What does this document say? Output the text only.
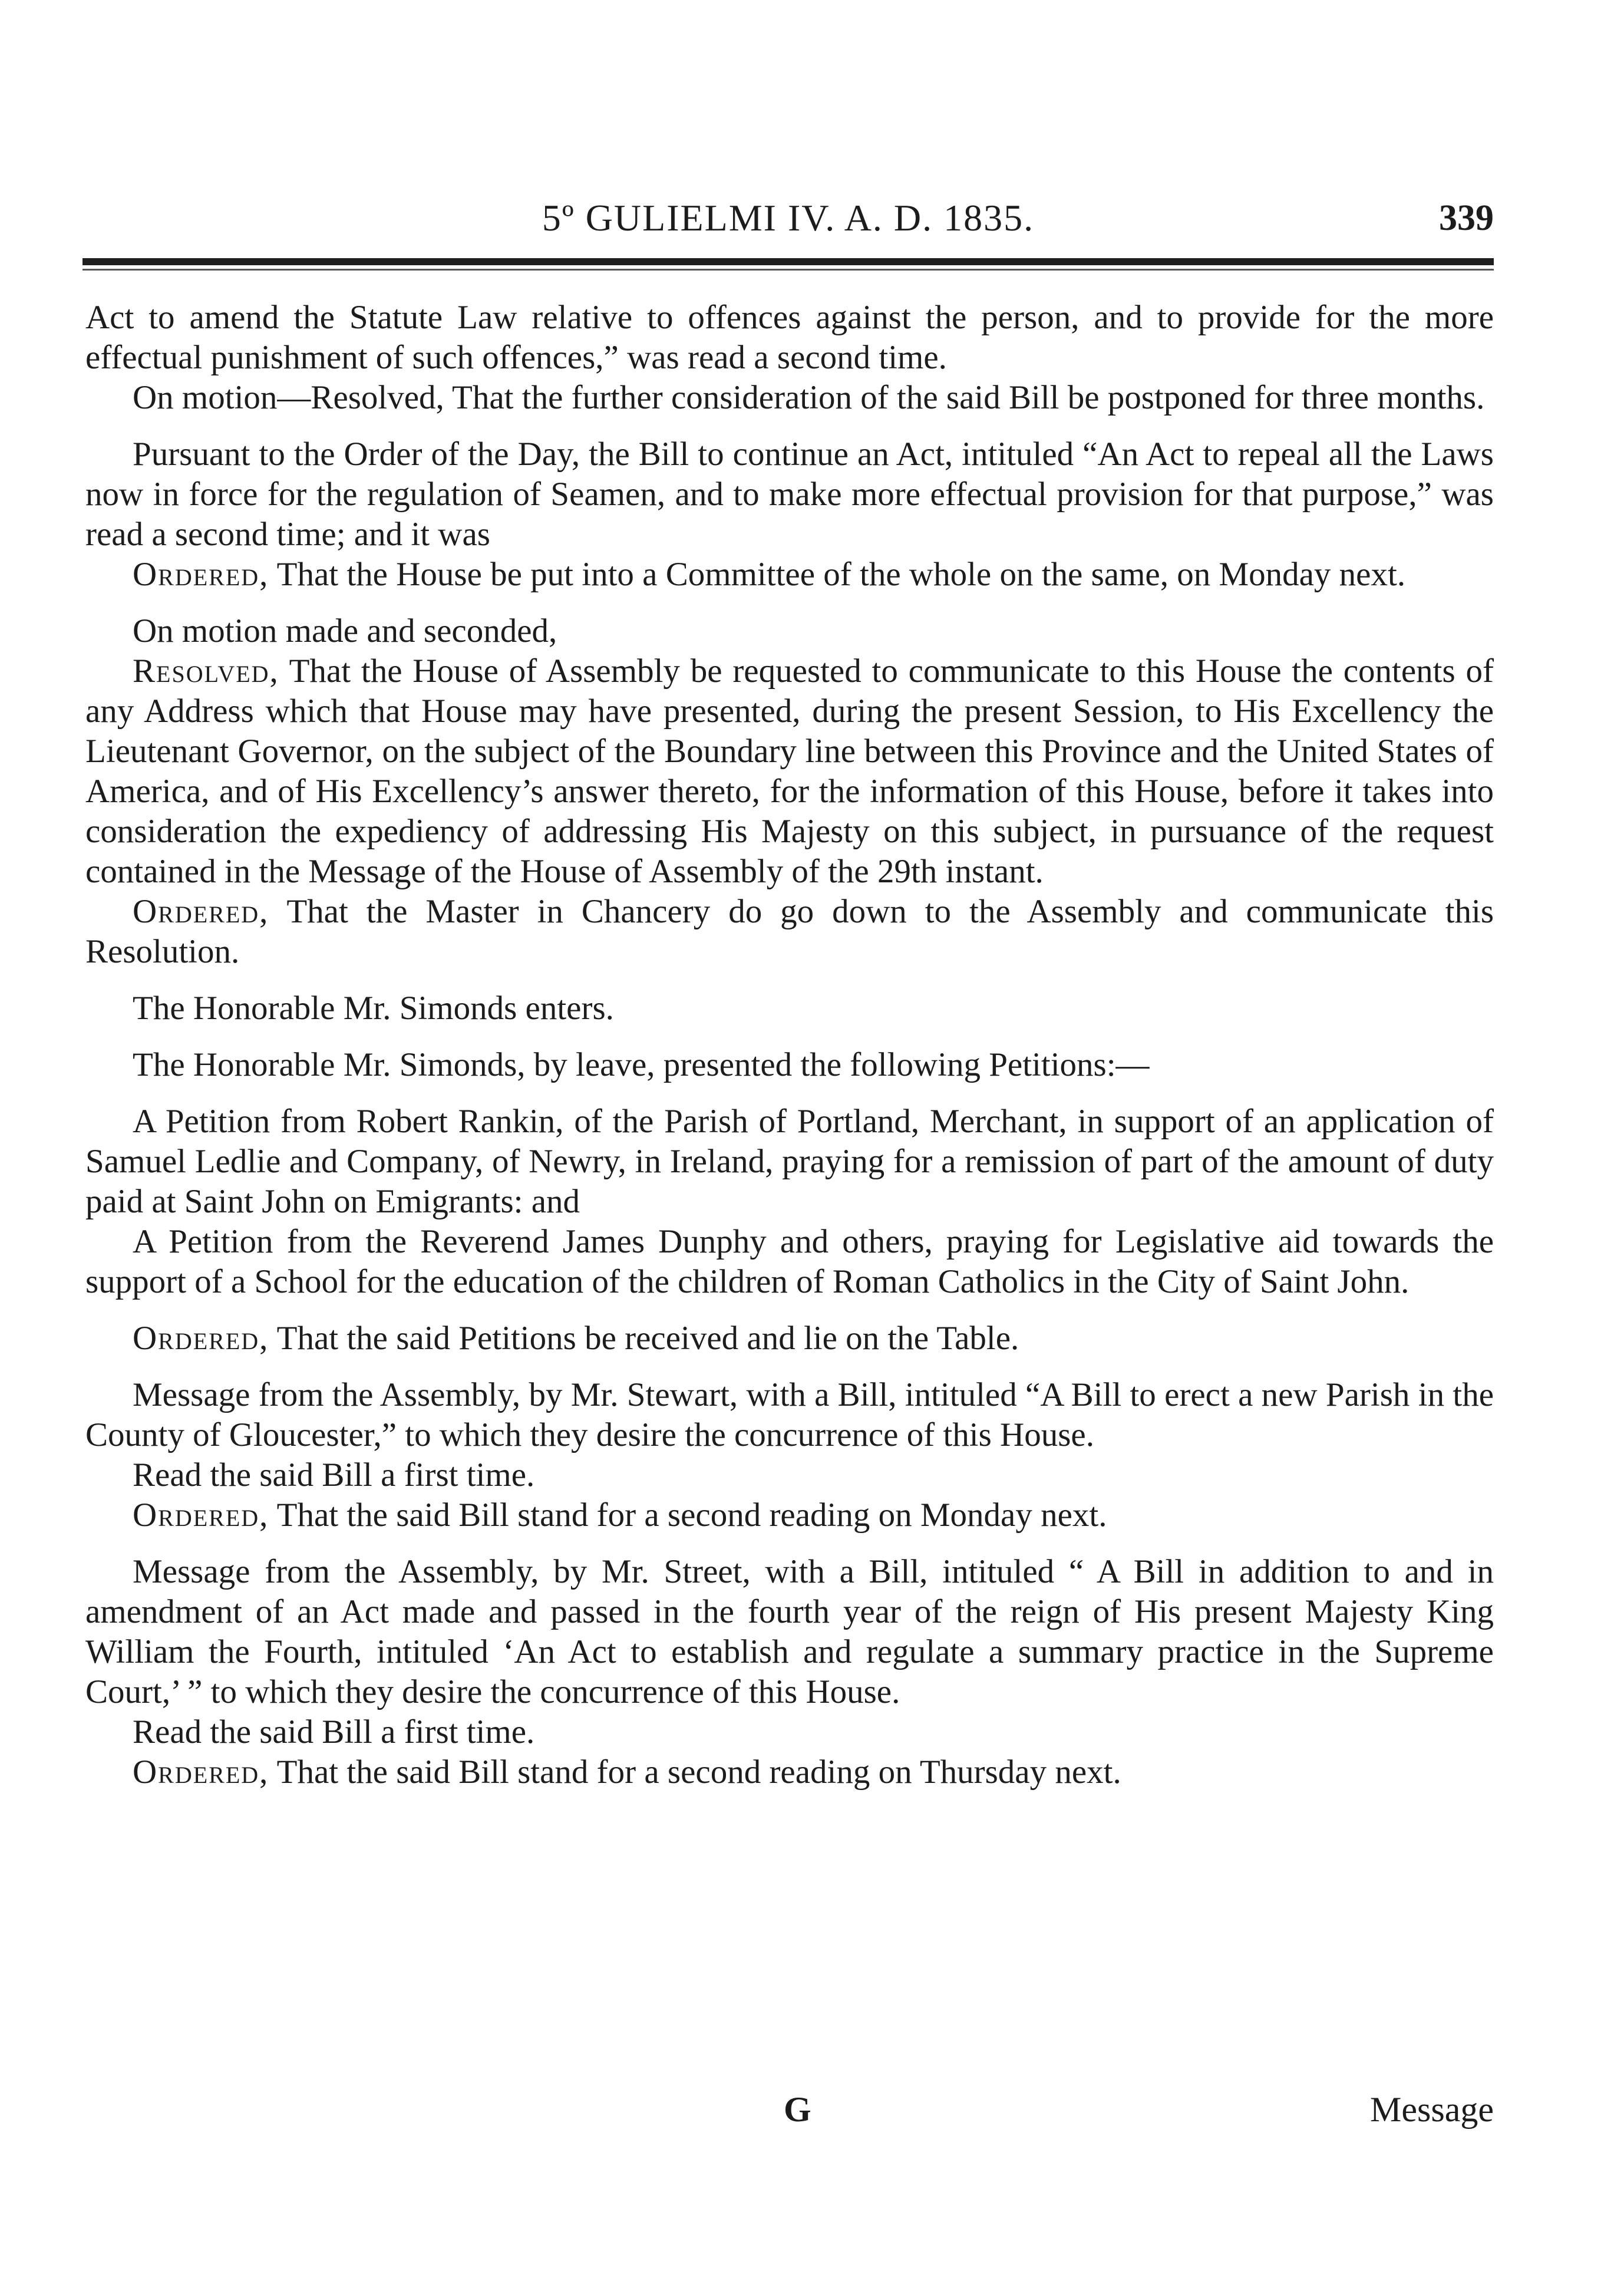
5º GULIELMI IV. A. D. 1835.	339

Act to amend the Statute Law relative to offences against the person, and to provide for the more effectual punishment of such offences,” was read a second time.

On motion—Resolved, That the further consideration of the said Bill be postponed for three months.

Pursuant to the Order of the Day, the Bill to continue an Act, intituled “An Act to repeal all the Laws now in force for the regulation of Seamen, and to make more effectual provision for that purpose,” was read a second time; and it was

Ordered, That the House be put into a Committee of the whole on the same, on Monday next.

On motion made and seconded,

Resolved, That the House of Assembly be requested to communicate to this House the contents of any Address which that House may have presented, during the present Session, to His Excellency the Lieutenant Governor, on the subject of the Boundary line between this Province and the United States of America, and of His Excellency’s answer thereto, for the information of this House, before it takes into consideration the expediency of addressing His Majesty on this subject, in pursuance of the request contained in the Message of the House of Assembly of the 29th instant.

Ordered, That the Master in Chancery do go down to the Assembly and communicate this Resolution.

The Honorable Mr. Simonds enters.

The Honorable Mr. Simonds, by leave, presented the following Petitions:—

A Petition from Robert Rankin, of the Parish of Portland, Merchant, in support of an application of Samuel Ledlie and Company, of Newry, in Ireland, praying for a remission of part of the amount of duty paid at Saint John on Emigrants: and

A Petition from the Reverend James Dunphy and others, praying for Legislative aid towards the support of a School for the education of the children of Roman Catholics in the City of Saint John.

Ordered, That the said Petitions be received and lie on the Table.

Message from the Assembly, by Mr. Stewart, with a Bill, intituled “A Bill to erect a new Parish in the County of Gloucester,” to which they desire the concurrence of this House.

Read the said Bill a first time.

Ordered, That the said Bill stand for a second reading on Monday next.

Message from the Assembly, by Mr. Street, with a Bill, intituled “ A Bill in addition to and in amendment of an Act made and passed in the fourth year of the reign of His present Majesty King William the Fourth, intituled ‘An Act to establish and regulate a summary practice in the Supreme Court,’ ” to which they desire the concurrence of this House.

Read the said Bill a first time.

Ordered, That the said Bill stand for a second reading on Thursday next.

G	Message
